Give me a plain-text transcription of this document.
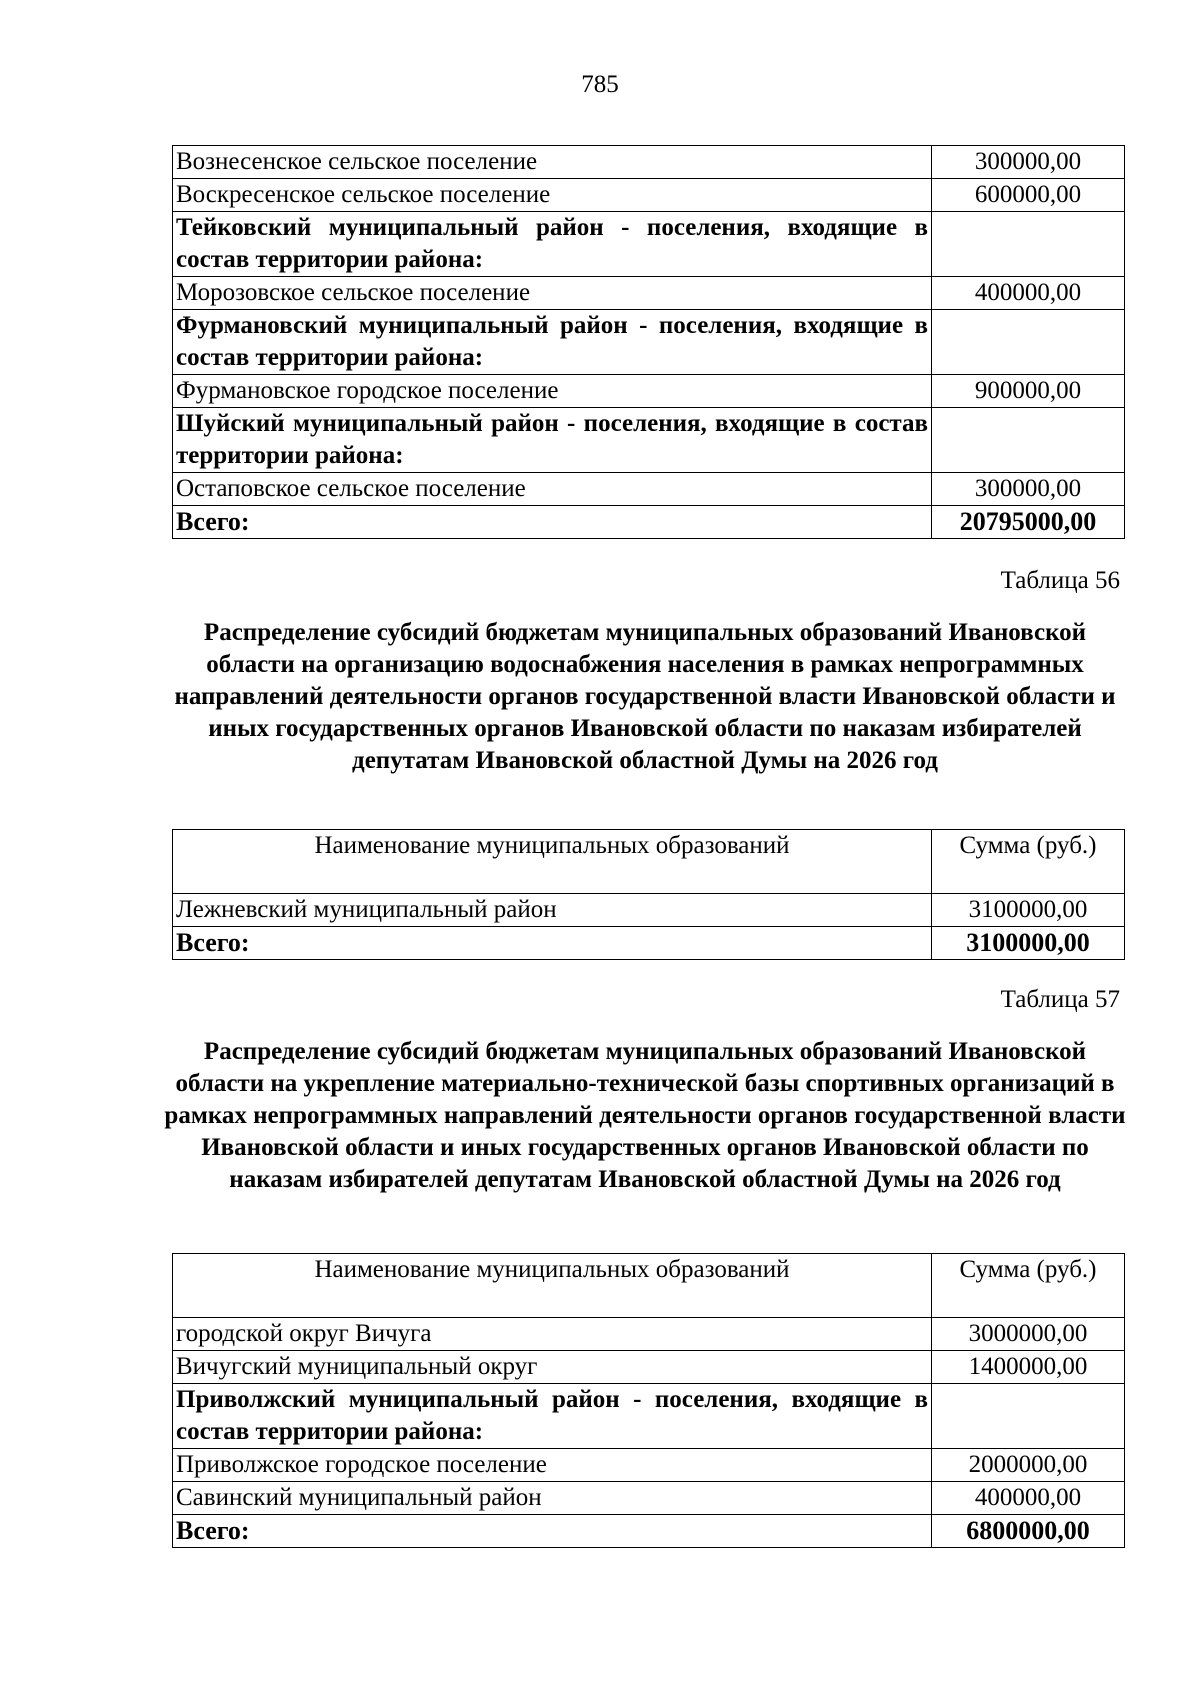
785
Вознесенское сельское поселение	300000,00
Воскресенское сельское поселение	600000,00
Тейковский муниципальный район - поселения, входящие в состав территории района:	
Морозовское сельское поселение	400000,00
Фурмановский муниципальный район - поселения, входящие в состав территории района:	
Фурмановское городское поселение	900000,00
Шуйский муниципальный район - поселения, входящие в состав территории района:	
Остаповское сельское поселение	300000,00
Всего:	20795000,00
Таблица 56
Распределение субсидий бюджетам муниципальных образований Ивановской области на организацию водоснабжения населения в рамках непрограммных направлений деятельности органов государственной власти Ивановской области и иных государственных органов Ивановской области по наказам избирателей депутатам Ивановской областной Думы на 2026 год
Наименование муниципальных образований	Сумма (руб.)
Лежневский муниципальный район	3100000,00
Всего:	3100000,00
Таблица 57
Распределение субсидий бюджетам муниципальных образований Ивановской области на укрепление материально-технической базы спортивных организаций в рамках непрограммных направлений деятельности органов государственной власти Ивановской области и иных государственных органов Ивановской области по наказам избирателей депутатам Ивановской областной Думы на 2026 год
Наименование муниципальных образований	Сумма (руб.)
городской округ Вичуга	3000000,00
Вичугский муниципальный округ	1400000,00
Приволжский муниципальный район - поселения, входящие в состав территории района:	
Приволжское городское поселение	2000000,00
Савинский муниципальный район	400000,00
Всего:	6800000,00
